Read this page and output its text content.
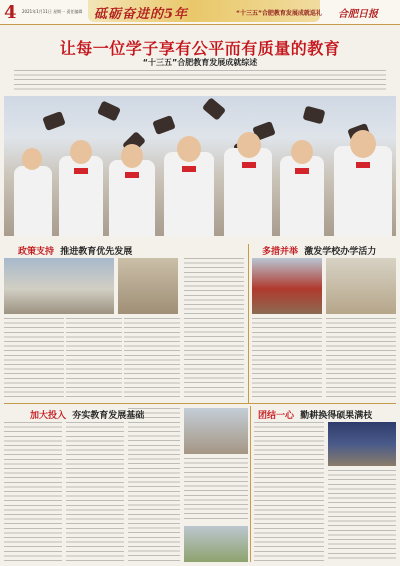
4 2021年1月11日 星期一 责任编辑 砥砺奋进的5年	“十三五”合肥教育发展成就巡礼 合肥日报
让每一位学子享有公平而有质量的教育
“十三五”合肥教育发展成就综述
政策支持 推进教育优先发展	多措并举 激发学校办学活力
加大投入 夯实教育发展基础	团结一心 勤耕换得硕果满枝
